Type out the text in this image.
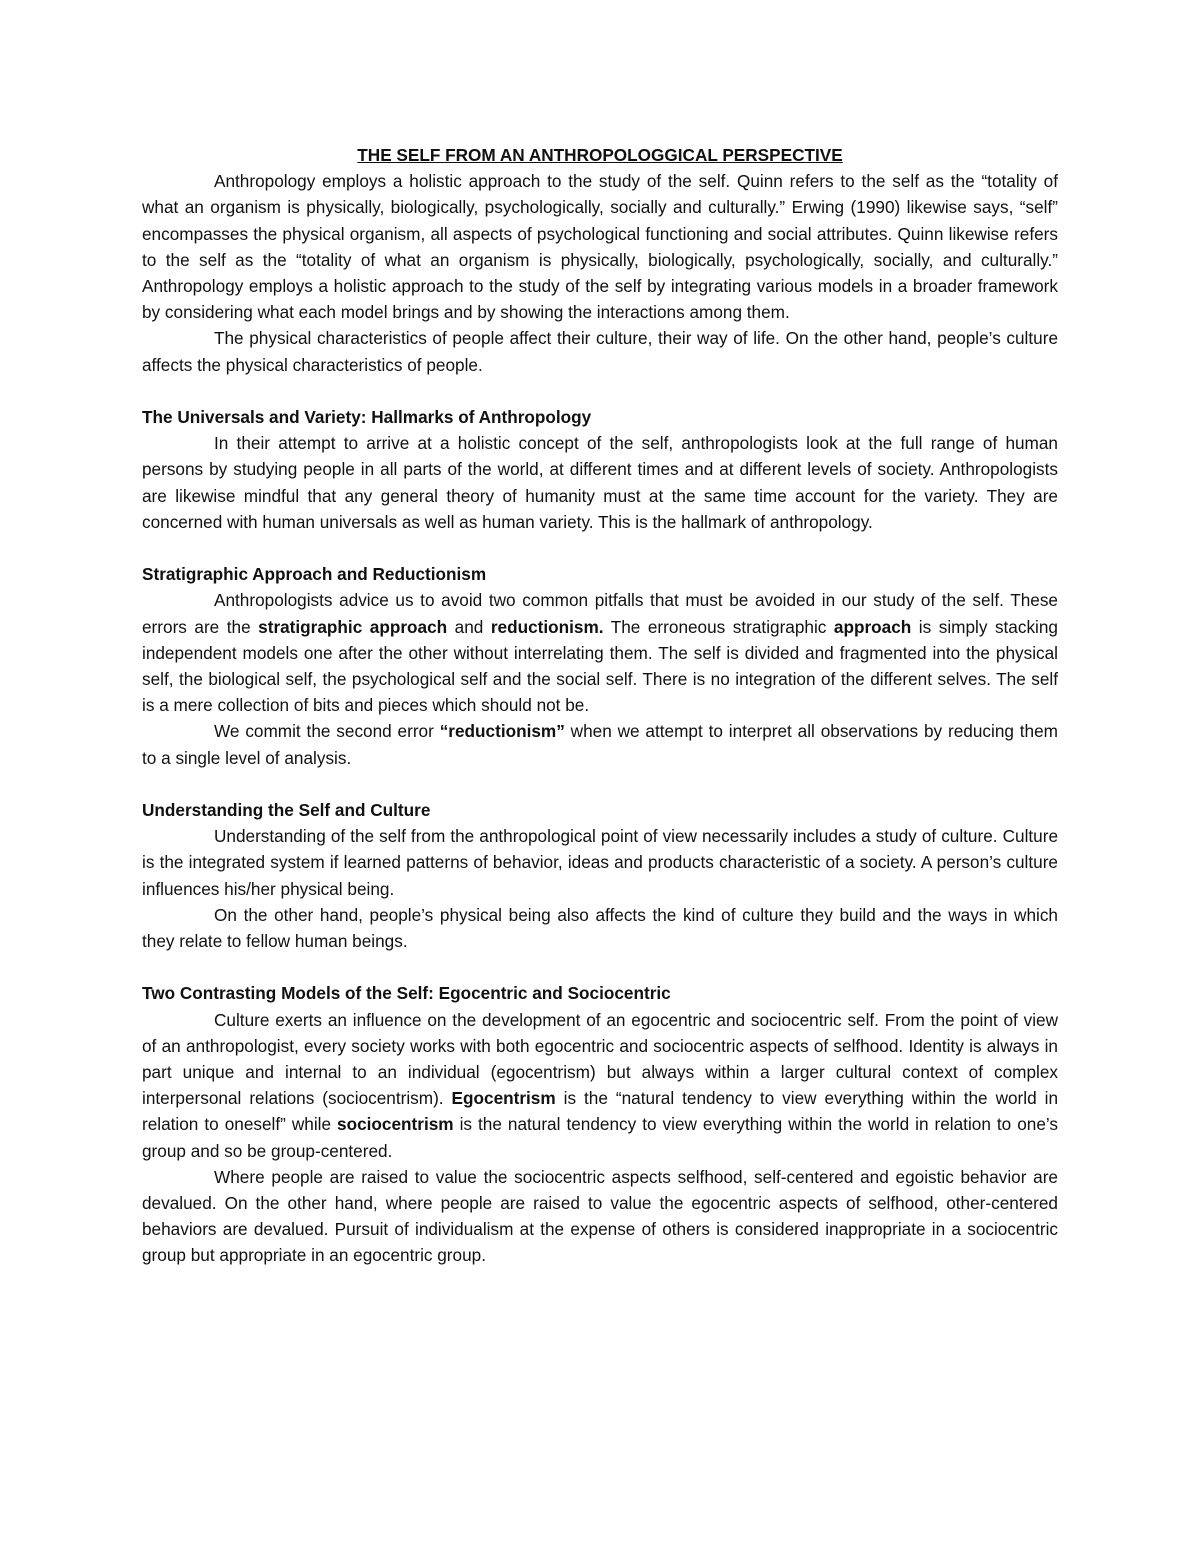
THE SELF FROM AN ANTHROPOLOGGICAL PERSPECTIVE

Anthropology employs a holistic approach to the study of the self. Quinn refers to the self as the “totality of what an organism is physically, biologically, psychologically, socially and culturally.” Erwing (1990) likewise says, “self” encompasses the physical organism, all aspects of psychological functioning and social attributes. Quinn likewise refers to the self as the “totality of what an organism is physically, biologically, psychologically, socially, and culturally.” Anthropology employs a holistic approach to the study of the self by integrating various models in a broader framework by considering what each model brings and by showing the interactions among them.

The physical characteristics of people affect their culture, their way of life. On the other hand, people’s culture affects the physical characteristics of people.

The Universals and Variety: Hallmarks of Anthropology

In their attempt to arrive at a holistic concept of the self, anthropologists look at the full range of human persons by studying people in all parts of the world, at different times and at different levels of society. Anthropologists are likewise mindful that any general theory of humanity must at the same time account for the variety. They are concerned with human universals as well as human variety. This is the hallmark of anthropology.

Stratigraphic Approach and Reductionism

Anthropologists advice us to avoid two common pitfalls that must be avoided in our study of the self. These errors are the stratigraphic approach and reductionism. The erroneous stratigraphic approach is simply stacking independent models one after the other without interrelating them. The self is divided and fragmented into the physical self, the biological self, the psychological self and the social self. There is no integration of the different selves. The self is a mere collection of bits and pieces which should not be.

We commit the second error “reductionism” when we attempt to interpret all observations by reducing them to a single level of analysis.

Understanding the Self and Culture

Understanding of the self from the anthropological point of view necessarily includes a study of culture. Culture is the integrated system if learned patterns of behavior, ideas and products characteristic of a society. A person’s culture influences his/her physical being.

On the other hand, people’s physical being also affects the kind of culture they build and the ways in which they relate to fellow human beings.

Two Contrasting Models of the Self: Egocentric and Sociocentric

Culture exerts an influence on the development of an egocentric and sociocentric self. From the point of view of an anthropologist, every society works with both egocentric and sociocentric aspects of selfhood. Identity is always in part unique and internal to an individual (egocentrism) but always within a larger cultural context of complex interpersonal relations (sociocentrism). Egocentrism is the “natural tendency to view everything within the world in relation to oneself” while sociocentrism is the natural tendency to view everything within the world in relation to one’s group and so be group-centered.

Where people are raised to value the sociocentric aspects selfhood, self-centered and egoistic behavior are devalued. On the other hand, where people are raised to value the egocentric aspects of selfhood, other-centered behaviors are devalued. Pursuit of individualism at the expense of others is considered inappropriate in a sociocentric group but appropriate in an egocentric group.
